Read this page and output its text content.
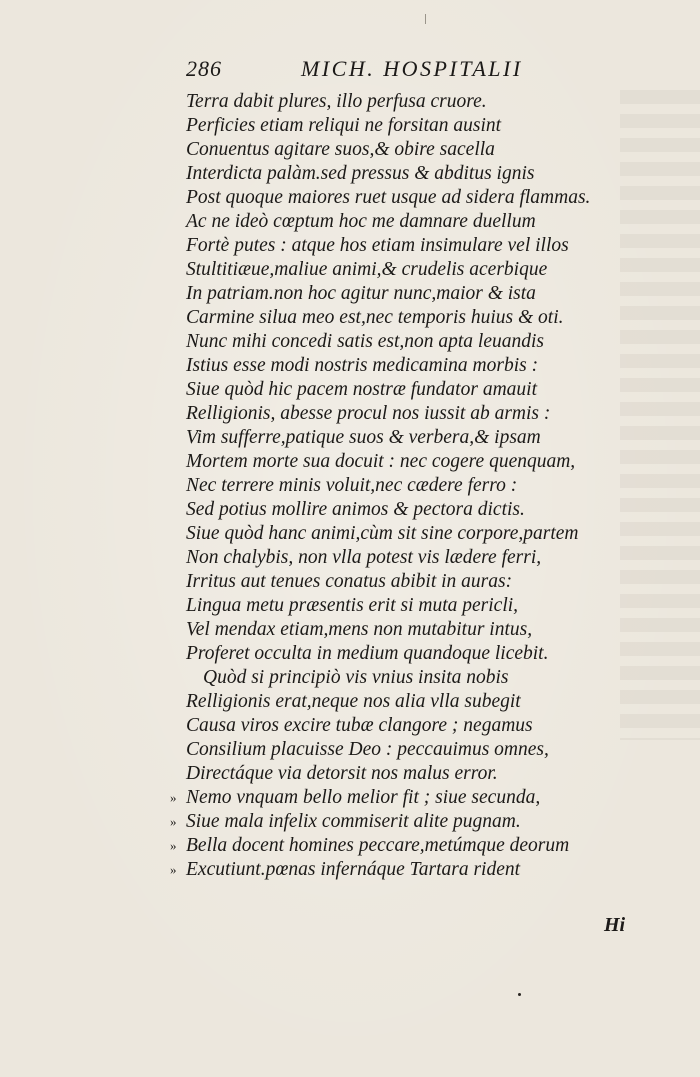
286	MICH. HOSPITALII
Terra dabit plures, illo perfusa cruore.
Perficies etiam reliqui ne forsitan ausint
Conuentus agitare suos,& obire sacella
Interdicta palàm.sed pressus & abditus ignis
Post quoque maiores ruet usque ad sidera flammas.
Ac ne ideò cœptum hoc me damnare duellum
Fortè putes : atque hos etiam insimulare vel illos
Stultitiæue,maliue animi,& crudelis acerbique
In patriam.non hoc agitur nunc,maior & ista
Carmine silua meo est,nec temporis huius & oti.
Nunc mihi concedi satis est,non apta leuandis
Istius esse modi nostris medicamina morbis :
Siue quòd hic pacem nostræ fundator amauit
Relligionis, abesse procul nos iussit ab armis :
Vim sufferre,patique suos & verbera,& ipsam
Mortem morte sua docuit : nec cogere quenquam,
Nec terrere minis voluit,nec cædere ferro :
Sed potius mollire animos & pectora dictis.
Siue quòd hanc animi,cùm sit sine corpore,partem
Non chalybis, non vlla potest vis lædere ferri,
Irritus aut tenues conatus abibit in auras:
Lingua metu præsentis erit si muta pericli,
Vel mendax etiam,mens non mutabitur intus,
Proferet occulta in medium quandoque licebit.
Quòd si principiò vis vnius insita nobis
Relligionis erat,neque nos alia vlla subegit
Causa viros excire tubæ clangore ; negamus
Consilium placuisse Deo : peccauimus omnes,
Directáque via detorsit nos malus error.
» Nemo vnquam bello melior fit ; siue secunda,
» Siue mala infelix commiserit alite pugnam.
» Bella docent homines peccare,metúmque deorum
» Excutiunt.pœnas infernáque Tartara rident
Hi
